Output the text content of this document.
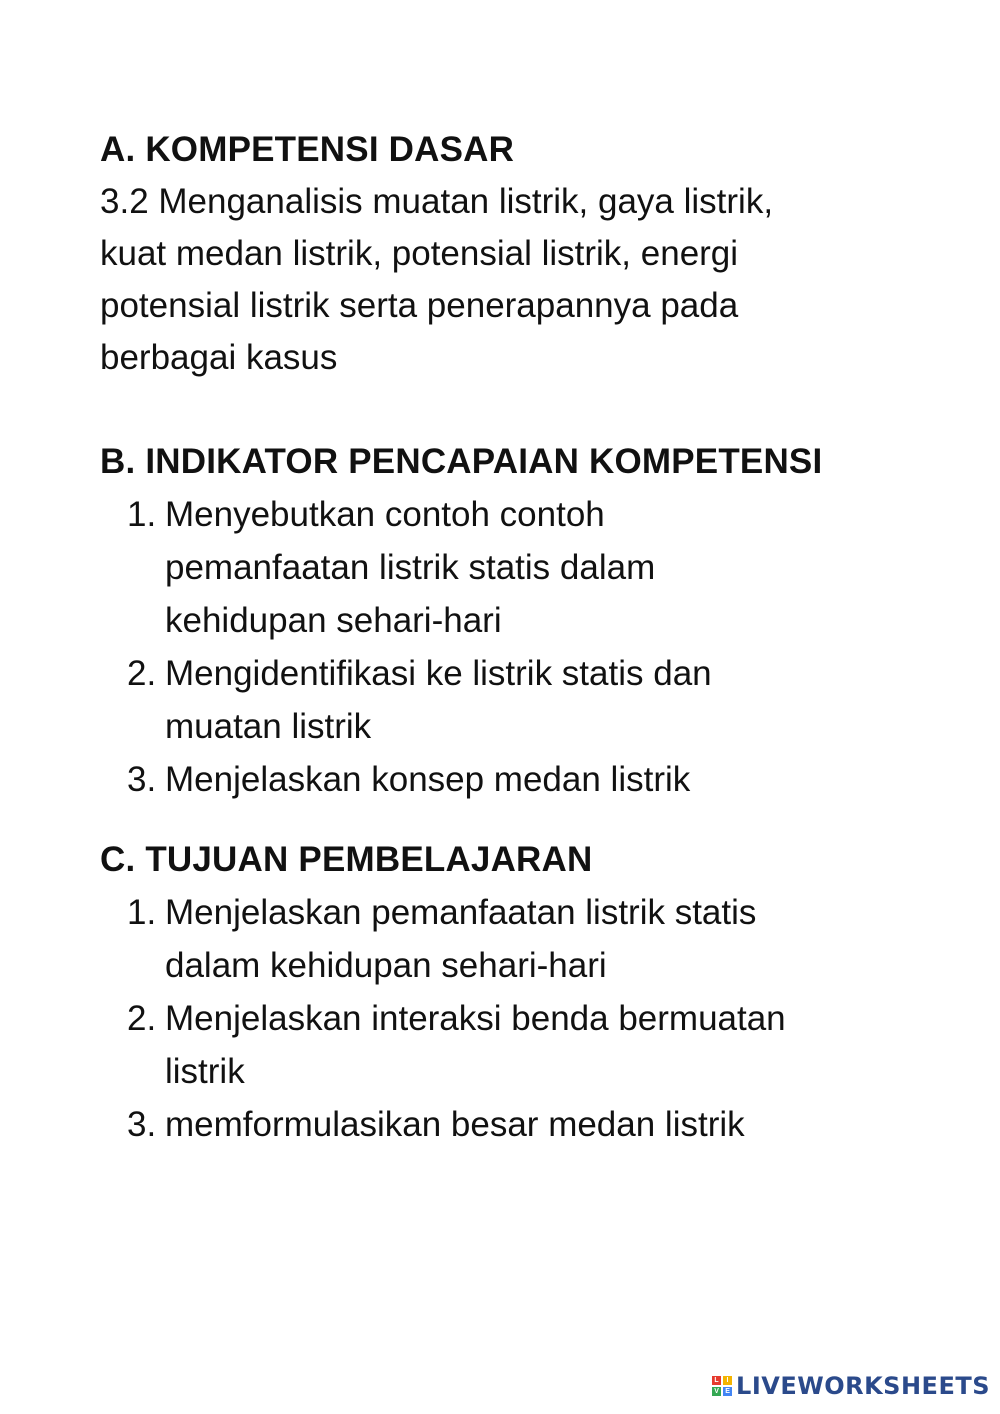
A. KOMPETENSI DASAR

3.2 Menganalisis muatan listrik, gaya listrik,
kuat medan listrik, potensial listrik, energi
potensial listrik serta penerapannya pada
berbagai kasus

B. INDIKATOR PENCAPAIAN KOMPETENSI
1. Menyebutkan contoh contoh
pemanfaatan listrik statis dalam
kehidupan sehari-hari
2. Mengidentifikasi ke listrik statis dan
muatan listrik
3. Menjelaskan konsep medan listrik
C. TUJUAN PEMBELAJARAN
1. Menjelaskan pemanfaatan listrik statis
dalam kehidupan sehari-hari
2. Menjelaskan interaksi benda bermuatan
listrik
3. memformulasikan besar medan listrik
L	I
V E LIVEWORKSHEETS
